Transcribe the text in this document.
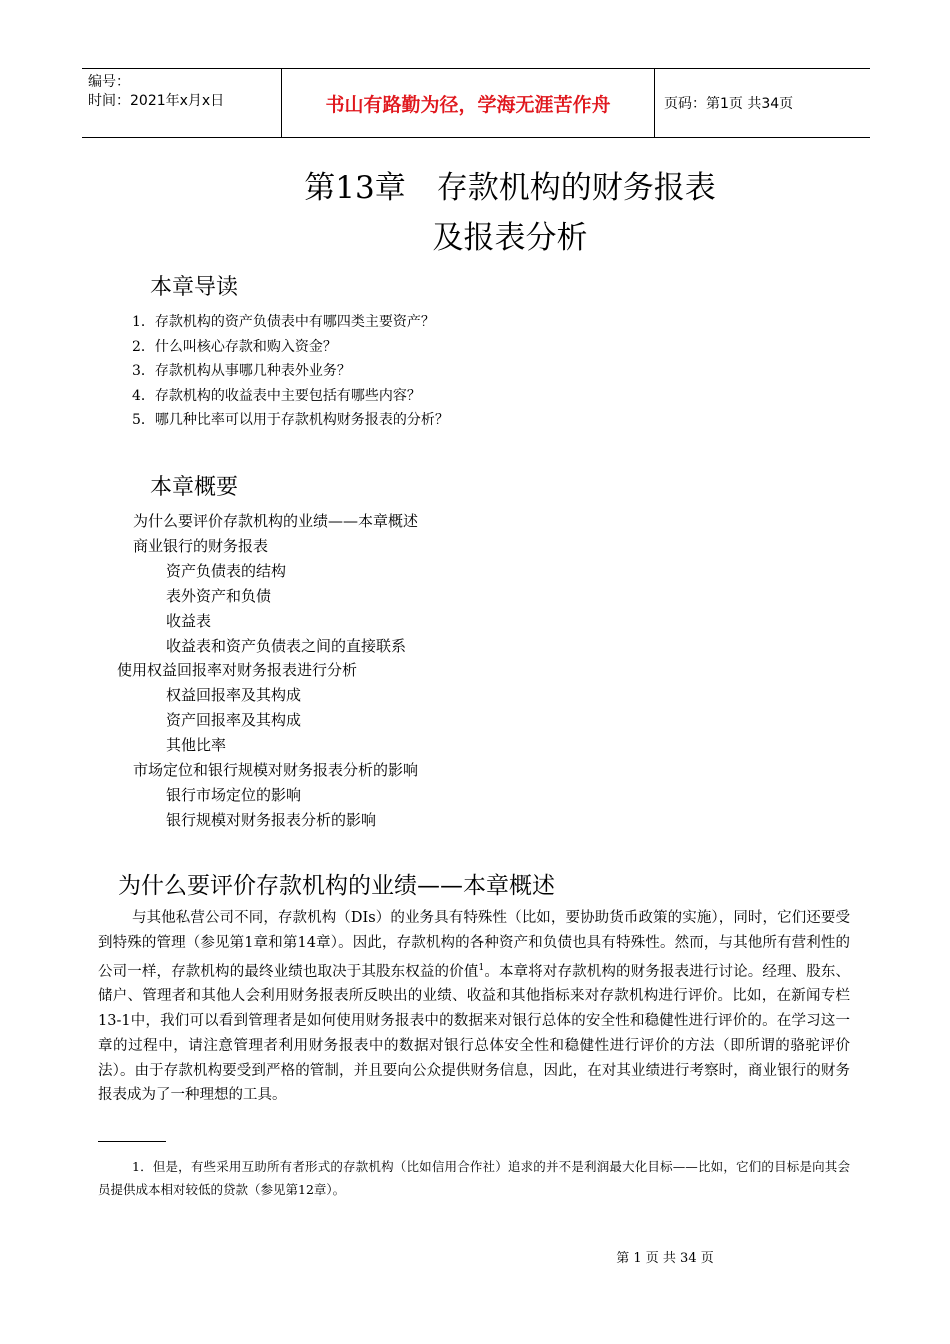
编号：
时间：2021年x月x日	书山有路勤为径，学海无涯苦作舟	页码：第1页 共34页
第13章　存款机构的财务报表
及报表分析
本章导读
1．存款机构的资产负债表中有哪四类主要资产？
2．什么叫核心存款和购入资金？
3．存款机构从事哪几种表外业务？
4．存款机构的收益表中主要包括有哪些内容？
5．哪几种比率可以用于存款机构财务报表的分析？
本章概要
为什么要评价存款机构的业绩——本章概述
商业银行的财务报表
资产负债表的结构
表外资产和负债
收益表
收益表和资产负债表之间的直接联系
使用权益回报率对财务报表进行分析
权益回报率及其构成
资产回报率及其构成
其他比率
市场定位和银行规模对财务报表分析的影响
银行市场定位的影响
银行规模对财务报表分析的影响
为什么要评价存款机构的业绩——本章概述
与其他私营公司不同，存款机构（DIs）的业务具有特殊性（比如，要协助货币政策的实施），同时，它们还要受到特殊的管理（参见第1章和第14章）。因此，存款机构的各种资产和负债也具有特殊性。然而，与其他所有营利性的公司一样，存款机构的最终业绩也取决于其股东权益的价值$^1$。本章将对存款机构的财务报表进行讨论。经理、股东、储户、管理者和其他人会利用财务报表所反映出的业绩、收益和其他指标来对存款机构进行评价。比如，在新闻专栏13-1中，我们可以看到管理者是如何使用财务报表中的数据来对银行总体的安全性和稳健性进行评价的。在学习这一章的过程中，请注意管理者利用财务报表中的数据对银行总体安全性和稳健性进行评价的方法（即所谓的骆驼评价法）。由于存款机构要受到严格的管制，并且要向公众提供财务信息，因此，在对其业绩进行考察时，商业银行的财务报表成为了一种理想的工具。
1．但是，有些采用互助所有者形式的存款机构（比如信用合作社）追求的并不是利润最大化目标——比如，它们的目标是向其会员提供成本相对较低的贷款（参见第12章）。
第 1 页 共 34 页
